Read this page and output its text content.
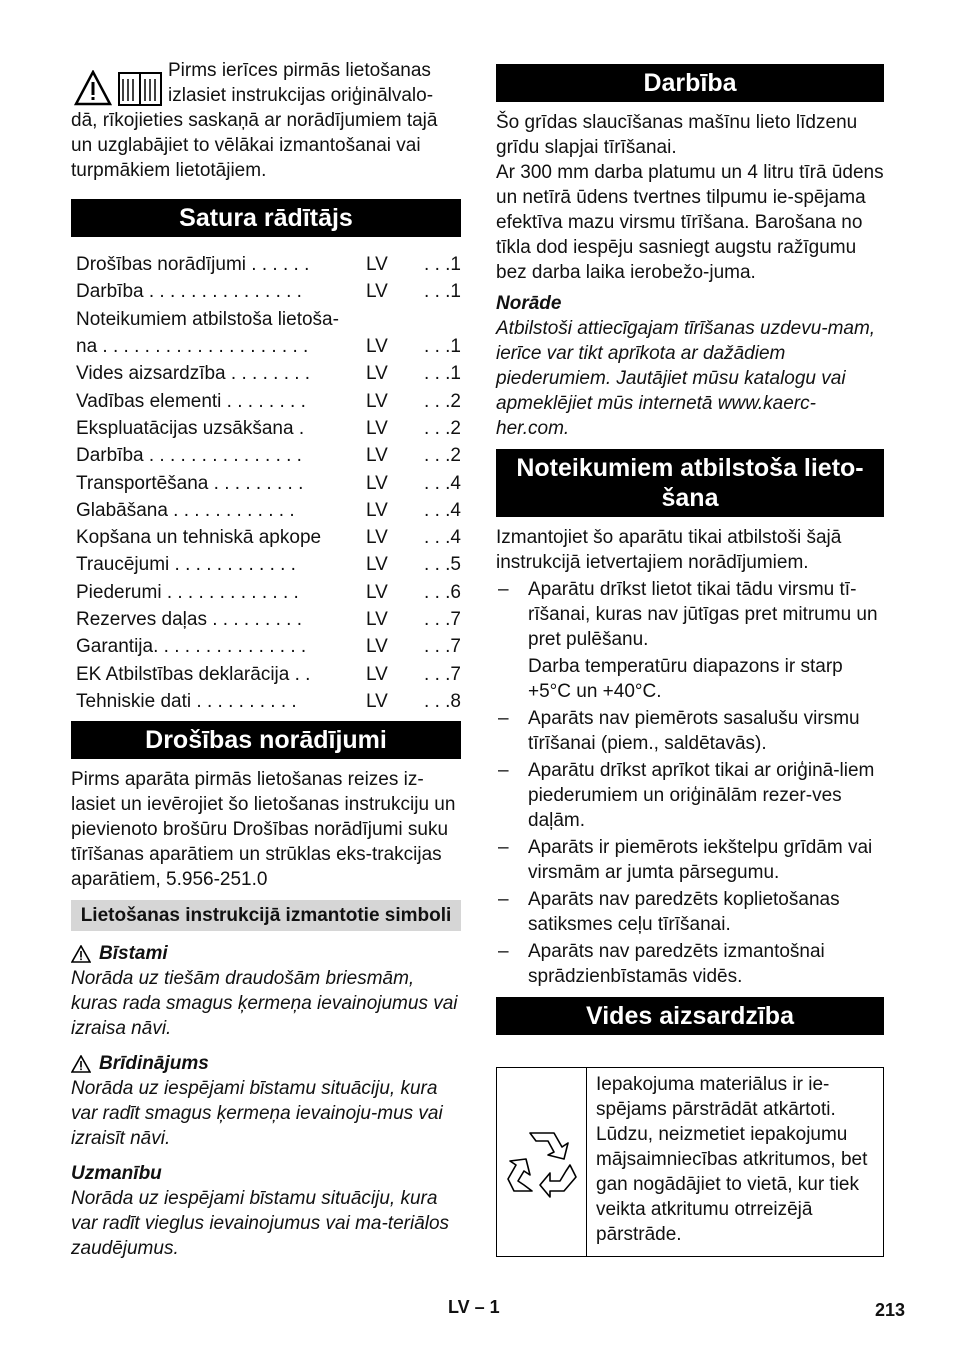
Pirms ierīces pirmās lietošanas

izlasiet instrukcijas oriģinālvalo-

dā, rīkojieties saskaņā ar norādījumiem tajā un uzglabājiet to vēlākai izmantošanai vai turpmākiem lietotājiem.

Satura rādītājs
Drošības norādījumi . . . . . .	LV	. . .1
Darbība . . . . . . . . . . . . . . .	LV	. . .1
Noteikumiem atbilstoša lietoša-
na . . . . . . . . . . . . . . . . . . . .	LV	. . .1
Vides aizsardzība . . . . . . . .	LV	. . .1
Vadības elementi . . . . . . . .	LV	. . .2
Ekspluatācijas uzsākšana .	LV	. . .2
Darbība . . . . . . . . . . . . . . .	LV	. . .2
Transportēšana . . . . . . . . .	LV	. . .4
Glabāšana . . . . . . . . . . . .	LV	. . .4
Kopšana un tehniskā apkope	LV	. . .4
Traucējumi . . . . . . . . . . . .	LV	. . .5
Piederumi . . . . . . . . . . . . .	LV	. . .6
Rezerves daļas . . . . . . . . .	LV	. . .7
Garantija. . . . . . . . . . . . . . .	LV	. . .7
EK Atbilstības deklarācija . .	LV	. . .7
Tehniskie dati . . . . . . . . . .	LV	. . .8
Drošības norādījumi

Pirms aparāta pirmās lietošanas reizes iz-lasiet un ievērojiet šo lietošanas instrukciju un pievienoto brošūru Drošības norādījumi suku tīrīšanas aparātiem un strūklas eks-trakcijas aparātiem, 5.956-251.0

Lietošanas instrukcijā izmantotie simboli
Bīstami

Norāda uz tiešām draudošām briesmām, kuras rada smagus ķermeņa ievainojumus vai izraisa nāvi.

Brīdinājums

Norāda uz iespējami bīstamu situāciju, kura var radīt smagus ķermeņa ievainoju-mus vai izraisīt nāvi.

Uzmanību

Norāda uz iespējami bīstamu situāciju, kura var radīt vieglus ievainojumus vai ma-teriālos zaudējumus.

Darbība

Šo grīdas slaucīšanas mašīnu lieto līdzenu grīdu slapjai tīrīšanai.

Ar 300 mm darba platumu un 4 litru tīrā ūdens un netīrā ūdens tvertnes tilpumu ie-spējama efektīva mazu virsmu tīrīšana. Barošana no tīkla dod iespēju sasniegt augstu ražīgumu bez darba laika ierobežo-juma.

Norāde

Atbilstoši attiecīgajam tīrīšanas uzdevu-mam, ierīce var tikt aprīkota ar dažādiem piederumiem. Jautājiet mūsu katalogu vai apmeklējiet mūs internetā www.kaerc-her.com.

Noteikumiem atbilstoša lieto-šana

Izmantojiet šo aparātu tikai atbilstoši šajā instrukcijā ietvertajiem norādījumiem.

– Aparātu drīkst lietot tikai tādu virsmu tī-rīšanai, kuras nav jūtīgas pret mitrumu un pret pulēšanu.

Darba temperatūru diapazons ir starp +5°C un +40°C.

– Aparāts nav piemērots sasalušu virsmu tīrīšanai (piem., saldētavās).
– Aparātu drīkst aprīkot tikai ar oriģinā-liem piederumiem un oriģinālām rezer-ves daļām.
– Aparāts ir piemērots iekštelpu grīdām vai virsmām ar jumta pārsegumu.
– Aparāts nav paredzēts koplietošanas satiksmes ceļu tīrīšanai.
– Aparāts nav paredzēts izmantošnai sprādzienbīstamās vidēs.
Vides aizsardzība
Iepakojuma materiālus ir ie-spējams pārstrādāt atkārtoti. Lūdzu, neizmetiet iepakojumu mājsaimniecības atkritumos, bet gan nogādājiet to vietā, kur tiek veikta atkritumu otrreizējā pārstrāde.
LV – 1	213
